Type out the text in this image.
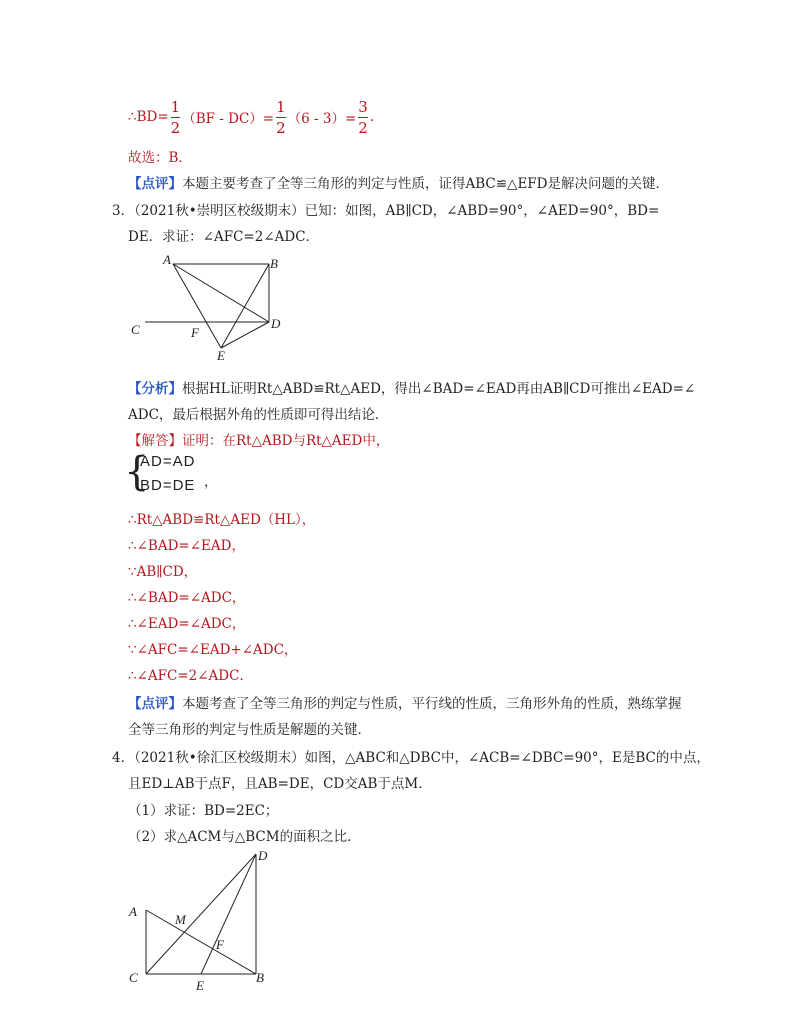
∴BD= $\frac{1}{2} (BF - DC)= \frac{1}{2} (6 - 3)= \frac{3}{2}$ .
故选：B．
【点评】本题主要考查了全等三角形的判定与性质，证得ABC≌△EFD是解决问题的关键．
3．（2021秋•崇明区校级期末）已知：如图，AB∥CD，∠ABD=90°，∠AED=90°，BD=
DE．求证：∠AFC=2∠ADC．
A	B
C	D
E
F
【分析】根据HL证明Rt△ABD≌Rt△AED，得出∠BAD=∠EAD再由AB∥CD可推出∠EAD=∠
ADC，最后根据外角的性质即可得出结论．
【解答】证明：在Rt△ABD与Rt△AED中，
{
AD=AD
BD=DE ，
∴Rt△ABD≌Rt△AED（HL），
∴∠BAD=∠EAD，
∵AB∥CD，
∴∠BAD=∠ADC，
∴∠EAD=∠ADC，
∵∠AFC=∠EAD+∠ADC，
∴∠AFC=2∠ADC．
【点评】本题考查了全等三角形的判定与性质，平行线的性质，三角形外角的性质，熟练掌握
全等三角形的判定与性质是解题的关键．
4．（2021秋•徐汇区校级期末）如图，△ABC和△DBC中，∠ACB=∠DBC=90°，E是BC的中点，
且ED⊥AB于点F，且AB=DE，CD交AB于点M．
（1）求证：BD=2EC；
（2）求△ACM与△BCM的面积之比．
D
A
M
F
C
E
B
